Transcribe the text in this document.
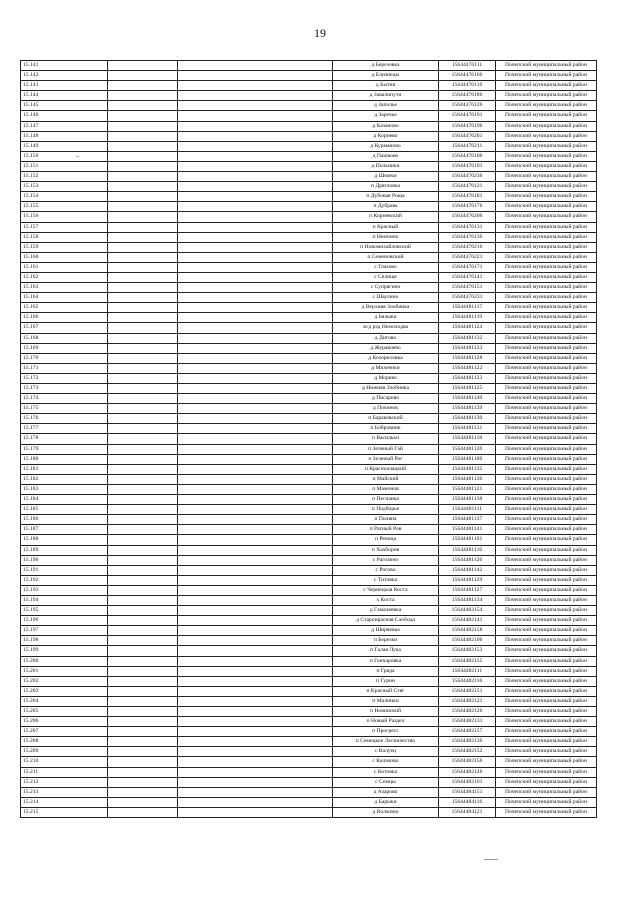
19
15.141			д Березовка	15644476111	Почепский муниципальный район
15.142			д Близнецы	15644476166	Почепский муниципальный район
15.143			д Бытня	15644476116	Почепский муниципальный район
15.144			д Завалипути	15644476186	Почепский муниципальный район
15.145			д Заполье	15644476126	Почепский муниципальный район
15.146			д Заречье	15644476191	Почепский муниципальный район
15.147			д Казаново	15644476196	Почепский муниципальный район
15.148			д Кориево	15644476201	Почепский муниципальный район
15.149			д Курманово	15644476211	Почепский муниципальный район
15.150			д Пашково	15644476106	Почепский муниципальный район
15.151			д Польники	15644476101	Почепский муниципальный район
15.152			д Шмичи	15644476236	Почепский муниципальный район
15.153			п Дрягловка	15644476121	Почепский муниципальный район
15.154			п Дубовая Роща	15644476181	Почепский муниципальный район
15.155			п Дубрава	15644476176	Почепский муниципальный район
15.156			п Корневский	15644476206	Почепский муниципальный район
15.157			п Красный	15644476131	Почепский муниципальный район
15.158			п Немчино	15644476136	Почепский муниципальный район
15.159			п Новомихайловский	15644476216	Почепский муниципальный район
15.160			п Семеновский	15644476221	Почепский муниципальный район
15.161			с Глазово	15644476171	Почепский муниципальный район
15.162			с Селище	15644476141	Почепский муниципальный район
15.163			с Супрягино	15644476151	Почепский муниципальный район
15.164			с Шаулино	15644476231	Почепский муниципальный район
15.165			д Верхняя Злобинка	15644481117	Почепский муниципальный район
15.166			д Бялыки	15644481119	Почепский муниципальный район
15.167			ж/д рзд Немолодва	15644481124	Почепский муниципальный район
15.168			д Дигово	15644481132	Почепский муниципальный район
15.169			д Журавлево	15644481133	Почепский муниципальный район
15.170			д Козориховка	15644481128	Почепский муниципальный район
15.171			д Михеенки	15644481122	Почепский муниципальный район
15.172			д Морево	15644481123	Почепский муниципальный район
15.173			д Нижняя Злобинка	15644481125	Почепский муниципальный район
15.174			д Писарево	15644481140	Почепский муниципальный район
15.175			д Починок	15644481139	Почепский муниципальный район
15.176			п Бараковский	15644481130	Почепский муниципальный район
15.177			п Бобровник	15644481131	Почепский муниципальный район
15.178			п Васильки	15644481118	Почепский муниципальный район
15.179			п Зеленый Гай	15644481120	Почепский муниципальный район
15.180			п Зеленый Рог	15644481106	Почепский муниципальный район
15.181			п Красноалацкий	15644481135	Почепский муниципальный район
15.182			п Майский	15644481136	Почепский муниципальный район
15.183			п Мамонов	15644481121	Почепский муниципальный район
15.184			п Песчанка	15644481138	Почепский муниципальный район
15.185			п Подборье	15644481111	Почепский муниципальный район
15.186			п Поляна	15644481137	Почепский муниципальный район
15.187			п Ратный Ров	15644481141	Почепский муниципальный район
15.188			п Речица	15644481101	Почепский муниципальный район
15.189			п Хахборов	15644481116	Почепский муниципальный район
15.190			с Рагозино	15644481126	Почепский муниципальный район
15.191			с Рогово	15644481142	Почепский муниципальный район
15.192			с Титовка	15644481129	Почепский муниципальный район
15.193			с Чернецкая Коста	15644481127	Почепский муниципальный район
15.194			х Коста	15644481134	Почепский муниципальный район
15.195			д Гамалеевка	15644482154	Почепский муниципальный район
15.196			д Староирасная Слобода	15644482141	Почепский муниципальный район
15.197			д Ширяевка	15644482158	Почепский муниципальный район
15.198			п Березки	15644482106	Почепский муниципальный район
15.199			п Галая Лука	15644482153	Почепский муниципальный район
15.200			п Гончаровка	15644482155	Почепский муниципальный район
15.201			п Гряда	15644482111	Почепский муниципальный район
15.202			п Гурин	15644482116	Почепский муниципальный район
15.203			п Красный Стяг	15644482151	Почепский муниципальный район
15.204			п Малинки	15644482121	Почепский муниципальный район
15.205			п Новинский	15644482126	Почепский муниципальный район
15.206			п Новый Раздел	15644482131	Почепский муниципальный район
15.207			п Прогресс	15644482157	Почепский муниципальный район
15.208			п Семецкое Лесничество	15644482136	Почепский муниципальный район
15.209			с Валуец	15644482152	Почепский муниципальный район
15.210			с Калачово	15644482156	Почепский муниципальный район
15.211			с Котовка	15644482146	Почепский муниципальный район
15.212			с Семцы	15644482101	Почепский муниципальный район
15.213			д Азарово	15644484151	Почепский муниципальный район
15.214			д Барыки	15644484116	Почепский муниципальный район
15.215			д Волжино	15644484121	Почепский муниципальный район
